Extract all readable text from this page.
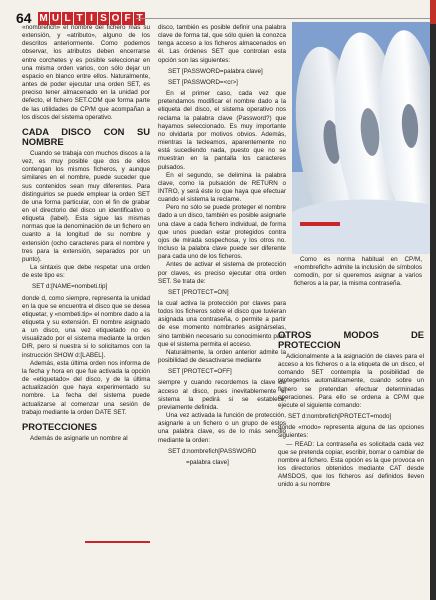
64 M U L T I S O F

«nombrefich» el nombre del fichero más su extensión, y «atributo», alguno de los descritos anteriormente. Como podemos observar, los atributos deben encerrarse entre corchetes y es posible seleccionar en una misma orden varios, con sólo dejar un espacio en blanco entre ellos. Naturalmente, antes de poder ejecutar una orden SET, es preciso tener almacenado en la unidad por defecto, el fichero SET.COM que forma parte de las utilidades de CP/M que acompañan a los discos del sistema operativo.

CADA DISCO CON SU NOMBRE

Cuando se trabaja con muchos discos a la vez, es muy posible que dos de ellos contengan los mismos ficheros, y aunque similares en el nombre, puede suceder que sus contenidos sean muy diferentes. Para distinguirlos se puede emplear la orden SET de una forma particular, con el fin de grabar en el directorio del disco un identificativo o etiqueta (label). Esta sigue las mismas normas que la denominación de un fichero en cuanto a la longitud de su nombre y extensión (ocho caracteres para el nombre y tres para la extensión, separados por un punto).

La sintaxis que debe respetar una orden de este tipo es:

SET d:[NAME=nombeti.tip]

donde d, como siempre, representa la unidad en la que se encuentra el disco que se desea etiquetar, y «nombeti.tip» el nombre dado a la etiqueta y su extensión. El nombre asignado a un disco, una vez etiquetado no es visualizado por el sistema mediante la orden DIR, pero si nuestra si lo solicitamos con la instrucción SHOW d:[LABEL].

Además, esta última orden nos informa de la fecha y hora en que fue activada la opción de «etiquetado» del disco, y de la última actualización que haya experimentado su nombre. La fecha del sistema puede actualizarse al comenzar una sesión de trabajo mediante la orden DATE SET.

PROTECCIONES

Además de asignarle un nombre al

disco, también es posible definir una palabra clave de forma tal, que sólo quien la conozca tenga acceso a los ficheros almacenados en él. Las órdenes SET que controlan esta opción son las siguientes:

SET [PASSWORD=palabra clave]

SET [PASSWORD=<cr>]

En el primer caso, cada vez que pretendamos modificar el nombre dado a la etiqueta del disco, el sistema operativo nos reclama la palabra clave (Password?) que hayamos seleccionado. Es muy importante no olvidarla por motivos obvios. Además, mientras la tecleamos, aparentemente no está sucediendo nada, puesto que no se muestran en la pantalla los caracteres pulsados.

En el segundo, se delimina la palabra clave, como la pulsación de RETURN o INTRO, y será éste lo que haya que efectuar cuando el sistema la reclame.

Pero no sólo se puede proteger el nombre dado a un disco, también es posible asignarle una clave a cada fichero individual, de forma que unos puedan estar protegidos contra ojos de mirada sospechosa, y los otros no. Incluso la palabra clave puede ser diferente para cada uno de los ficheros.

Antes de activar el sistema de protección por claves, es preciso ejecutar otra orden SET. Se trata de:

SET [PROTECT=ON]

la cual activa la protección por claves para todos los ficheros sobre el disco que tuvieran asignada una contraseña, o permite a partir de ese momento nombrarles asignárselas, sino también necesario su conocimiento para que el sistema permita el acceso.

Naturalmente, la orden anterior admite la posibilidad de desactivarse mediante

SET [PROTECT=OFF]

siempre y cuando recordemos la clave de acceso al disco, pues inevitablemente el sistema la pedirá si se establece, previamente definida.

Una vez activada la función de protección, asignarle a un fichero o un grupo de estos una palabra clave, es de lo más sencillo mediante la orden:

SET d:nombrefich[PASSWORD

=palabra clave]

Como es norma habitual en CP/M, «nombrefich» admite la inclusión de símbolos comodín, por si queremos asignar a varios ficheros a la par, la misma contraseña.

OTROS MODOS DE PROTECCION

Adicionalmente a la asignación de claves para el acceso a los ficheros o a la etiqueta de un disco, el comando SET contempla la posibilidad de protegerlos automáticamente, cuando sobre un fichero se pretendan efectuar determinadas operaciones. Para ello se ordena a CP/M que ejecute el siguiente comando:

SET d:nombrefich[PROTECT=modo]

donde «modo» representa alguna de las opciones siguientes:

— READ: La contraseña es solicitada cada vez que se pretenda copiar, escribir, borrar o cambiar de nombre al fichero. Esta opción es la que provoca en los directorios obtenidos mediante CAT desde AMSDOS, que los ficheros así definidos lleven unido a su nombre
